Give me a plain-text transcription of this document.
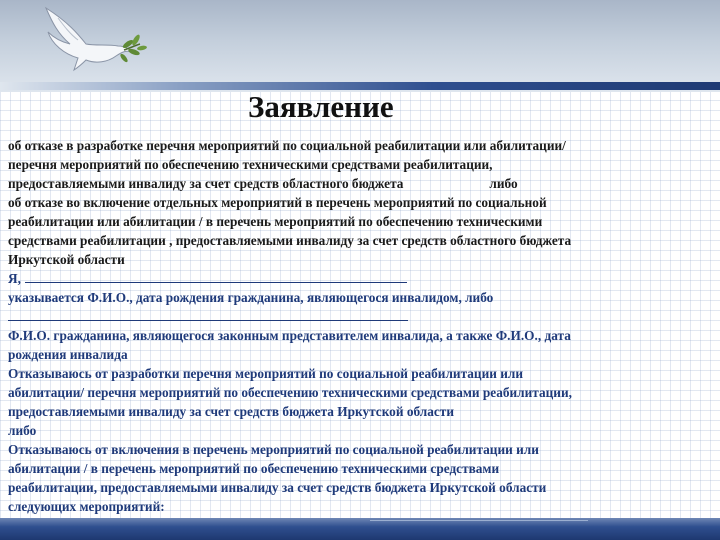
Заявление
об отказе в разработке перечня мероприятий по социальной реабилитации или абилитации/
перечня мероприятий по обеспечению техническими средствами реабилитации,
предоставляемыми инвалиду за счет средств областного бюджета	либо
об отказе во включение отдельных мероприятий в перечень мероприятий по социальной
реабилитации или абилитации / в перечень мероприятий по обеспечению техническими
средствами реабилитации , предоставляемыми инвалиду за счет средств областного бюджета
Иркутской области
Я,
указывается Ф.И.О., дата рождения гражданина, являющегося инвалидом, либо
Ф.И.О. гражданина, являющегося законным представителем инвалида, а также Ф.И.О., дата
рождения инвалида
Отказываюсь от разработки перечня мероприятий по социальной реабилитации или
абилитации/ перечня мероприятий по обеспечению техническими средствами реабилитации,
предоставляемыми инвалиду за счет средств бюджета Иркутской области
либо
Отказываюсь от включения в перечень мероприятий по социальной реабилитации или
абилитации / в перечень мероприятий по обеспечению техническими средствами
реабилитации, предоставляемыми инвалиду за счет средств бюджета Иркутской области
следующих мероприятий:
